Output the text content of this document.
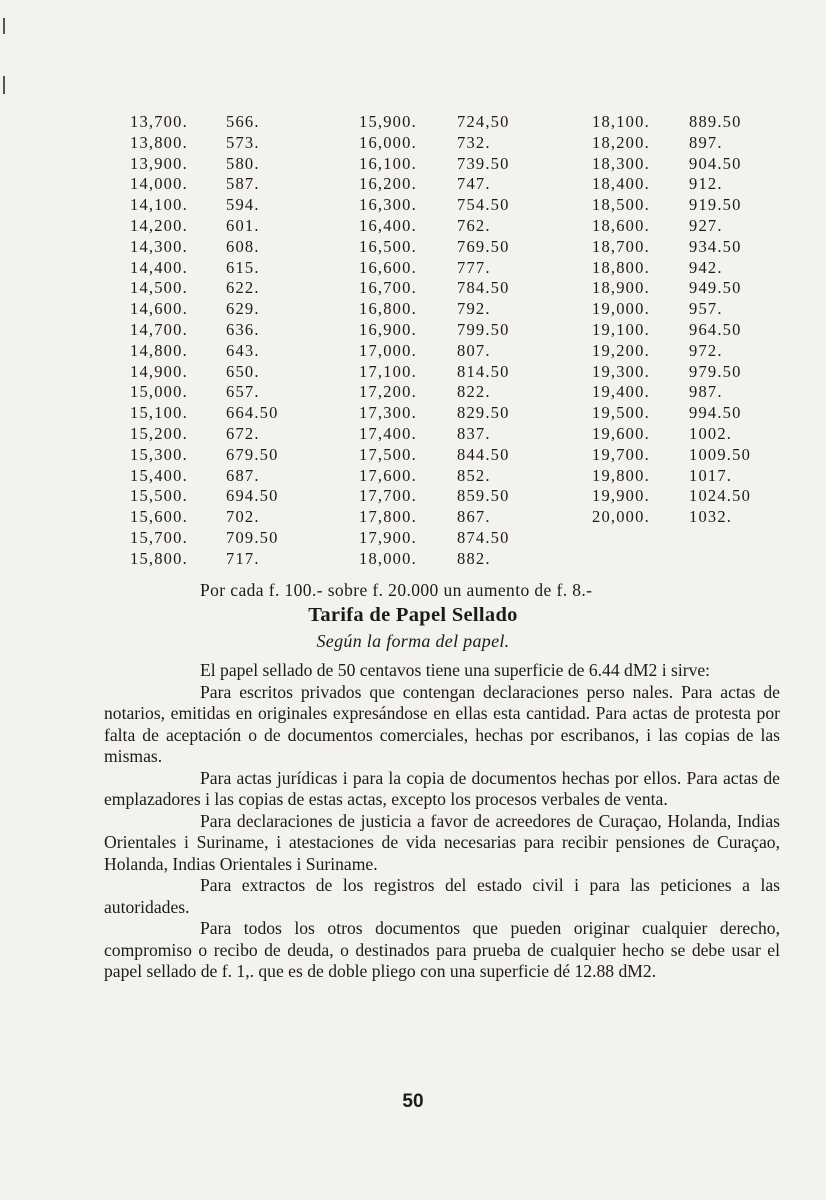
13,700.	566.
13,800.	573.
13,900.	580.
14,000.	587.
14,100.	594.
14,200.	601.
14,300.	608.
14,400.	615.
14,500.	622.
14,600.	629.
14,700.	636.
14,800.	643.
14,900.	650.
15,000.	657.
15,100.	664.50
15,200.	672.
15,300.	679.50
15,400.	687.
15,500.	694.50
15,600.	702.
15,700.	709.50
15,800.	717.
15,900.	724,50
16,000.	732.
16,100.	739.50
16,200.	747.
16,300.	754.50
16,400.	762.
16,500.	769.50
16,600.	777.
16,700.	784.50
16,800.	792.
16,900.	799.50
17,000.	807.
17,100.	814.50
17,200.	822.
17,300.	829.50
17,400.	837.
17,500.	844.50
17,600.	852.
17,700.	859.50
17,800.	867.
17,900.	874.50
18,000.	882.
18,100.	889.50
18,200.	897.
18,300.	904.50
18,400.	912.
18,500.	919.50
18,600.	927.
18,700.	934.50
18,800.	942.
18,900.	949.50
19,000.	957.
19,100.	964.50
19,200.	972.
19,300.	979.50
19,400.	987.
19,500.	994.50
19,600.	1002.
19,700.	1009.50
19,800.	1017.
19,900.	1024.50
20,000.	1032.
Por cada f. 100.- sobre f. 20.000 un aumento de f. 8.-
Tarifa de Papel Sellado
Según la forma del papel.

El papel sellado de 50 centavos tiene una superficie de 6.44 dM2 i sirve:

Para escritos privados que contengan declaraciones perso nales. Para actas de notarios, emitidas en originales expresándose en ellas esta cantidad. Para actas de protesta por falta de aceptación o de documentos comerciales, hechas por escribanos, i las copias de las mismas.

Para actas jurídicas i para la copia de documentos hechas por ellos. Para actas de emplazadores i las copias de estas actas, excepto los procesos verbales de venta.

Para declaraciones de justicia a favor de acreedores de Curaçao, Holanda, Indias Orientales i Suriname, i atestaciones de vida necesarias para recibir pensiones de Curaçao, Holanda, Indias Orientales i Suriname.

Para extractos de los registros del estado civil i para las peticiones a las autoridades.

Para todos los otros documentos que pueden originar cualquier derecho, compromiso o recibo de deuda, o destinados para prueba de cualquier hecho se debe usar el papel sellado de f. 1,. que es de doble pliego con una superficie dé 12.88 dM2.

50
